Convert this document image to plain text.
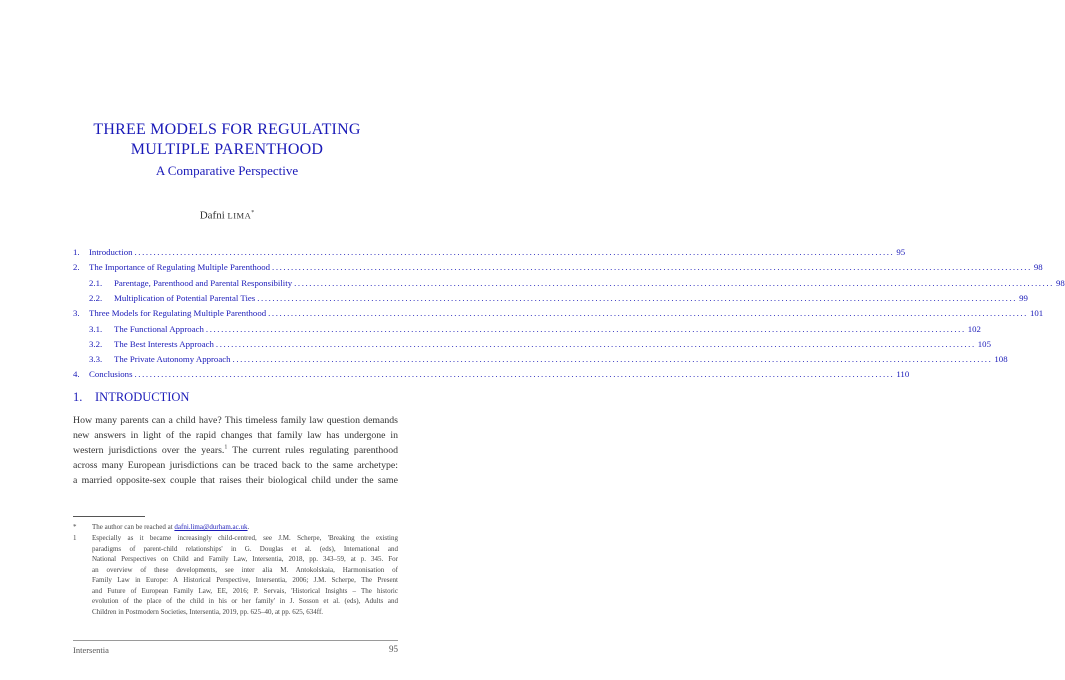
THREE MODELS FOR REGULATING
MULTIPLE PARENTHOOD
A Comparative Perspective
Dafni LIMA*
1. Introduction ........................................................................................................................................................................................................ 95
2. The Importance of Regulating Multiple Parenthood ........................................................................................................................................................................................................ 98
2.1. Parentage, Parenthood and Parental Responsibility ........................................................................................................................................................................................................ 98
2.2. Multiplication of Potential Parental Ties ........................................................................................................................................................................................................ 99
3. Three Models for Regulating Multiple Parenthood ........................................................................................................................................................................................................ 101
3.1. The Functional Approach ........................................................................................................................................................................................................ 102
3.2. The Best Interests Approach ........................................................................................................................................................................................................ 105
3.3. The Private Autonomy Approach ........................................................................................................................................................................................................ 108
4. Conclusions ........................................................................................................................................................................................................ 110
1. INTRODUCTION
How many parents can a child have? This timeless family law question demands
new answers in light of the rapid changes that family law has undergone in
western jurisdictions over the years.$^1$ The current rules regulating parenthood
across many European jurisdictions can be traced back to the same archetype:
a married opposite-sex couple that raises their biological child under the same
* The author can be reached at dafni.lima@durham.ac.uk.
1 Especially as it became increasingly child-centred, see J.M. Scherpe, 'Breaking the existing
paradigms of parent-child relationships' in G. Douglas et al. (eds), International and
National Perspectives on Child and Family Law, Intersentia, 2018, pp. 343–59, at p. 345. For
an overview of these developments, see inter alia M. Antokolskaia, Harmonisation of
Family Law in Europe: A Historical Perspective, Intersentia, 2006; J.M. Scherpe, The Present
and Future of European Family Law, EE, 2016; P. Servais, 'Historical Insights – The historic
evolution of the place of the child in his or her family' in J. Sosson et al. (eds), Adults and
Children in Postmodern Societies, Intersentia, 2019, pp. 625–40, at pp. 625, 634ff.
Intersentia	95
